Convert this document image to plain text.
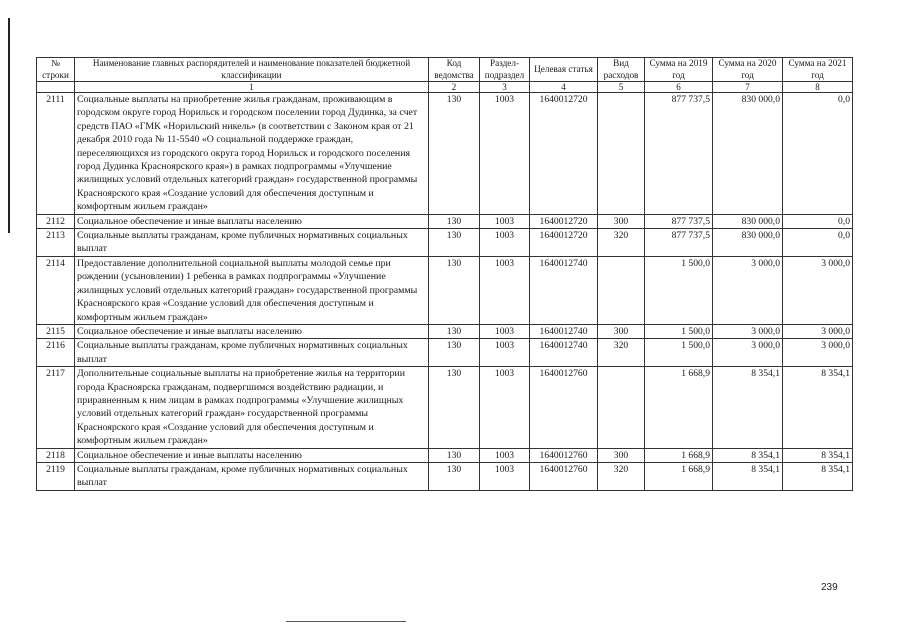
№ строки	Наименование главных распорядителей и наименование показателей бюджетной классификации	Код ведомства	Раздел-подраздел	Целевая статья	Вид расходов	Сумма на 2019 год	Сумма на 2020 год	Сумма на 2021 год
	1	2	3	4	5	6	7	8
2111	Социальные выплаты на приобретение жилья гражданам, проживающим в городском округе город Норильск и городском поселении город Дудинка, за счет средств ПАО «ГМК «Норильский никель» (в соответствии с Законом края от 21 декабря 2010 года № 11-5540 «О социальной поддержке граждан, переселяющихся из городского округа город Норильск и городского поселения город Дудинка Красноярского края») в рамках подпрограммы «Улучшение жилищных условий отдельных категорий граждан» государственной программы Красноярского края «Создание условий для обеспечения доступным и комфортным жильем граждан»	130	1003	1640012720		877 737,5	830 000,0	0,0
2112	Социальное обеспечение и иные выплаты населению	130	1003	1640012720	300	877 737,5	830 000,0	0,0
2113	Социальные выплаты гражданам, кроме публичных нормативных социальных выплат	130	1003	1640012720	320	877 737,5	830 000,0	0,0
2114	Предоставление дополнительной социальной выплаты молодой семье при рождении (усыновлении) 1 ребенка в рамках подпрограммы «Улучшение жилищных условий отдельных категорий граждан» государственной программы Красноярского края «Создание условий для обеспечения доступным и комфортным жильем граждан»	130	1003	1640012740		1 500,0	3 000,0	3 000,0
2115	Социальное обеспечение и иные выплаты населению	130	1003	1640012740	300	1 500,0	3 000,0	3 000,0
2116	Социальные выплаты гражданам, кроме публичных нормативных социальных выплат	130	1003	1640012740	320	1 500,0	3 000,0	3 000,0
2117	Дополнительные социальные выплаты на приобретение жилья на территории города Красноярска гражданам, подвергшимся воздействию радиации, и приравненным к ним лицам в рамках подпрограммы «Улучшение жилищных условий отдельных категорий граждан» государственной программы Красноярского края «Создание условий для обеспечения доступным и комфортным жильем граждан»	130	1003	1640012760		1 668,9	8 354,1	8 354,1
2118	Социальное обеспечение и иные выплаты населению	130	1003	1640012760	300	1 668,9	8 354,1	8 354,1
2119	Социальные выплаты гражданам, кроме публичных нормативных социальных выплат	130	1003	1640012760	320	1 668,9	8 354,1	8 354,1
239
